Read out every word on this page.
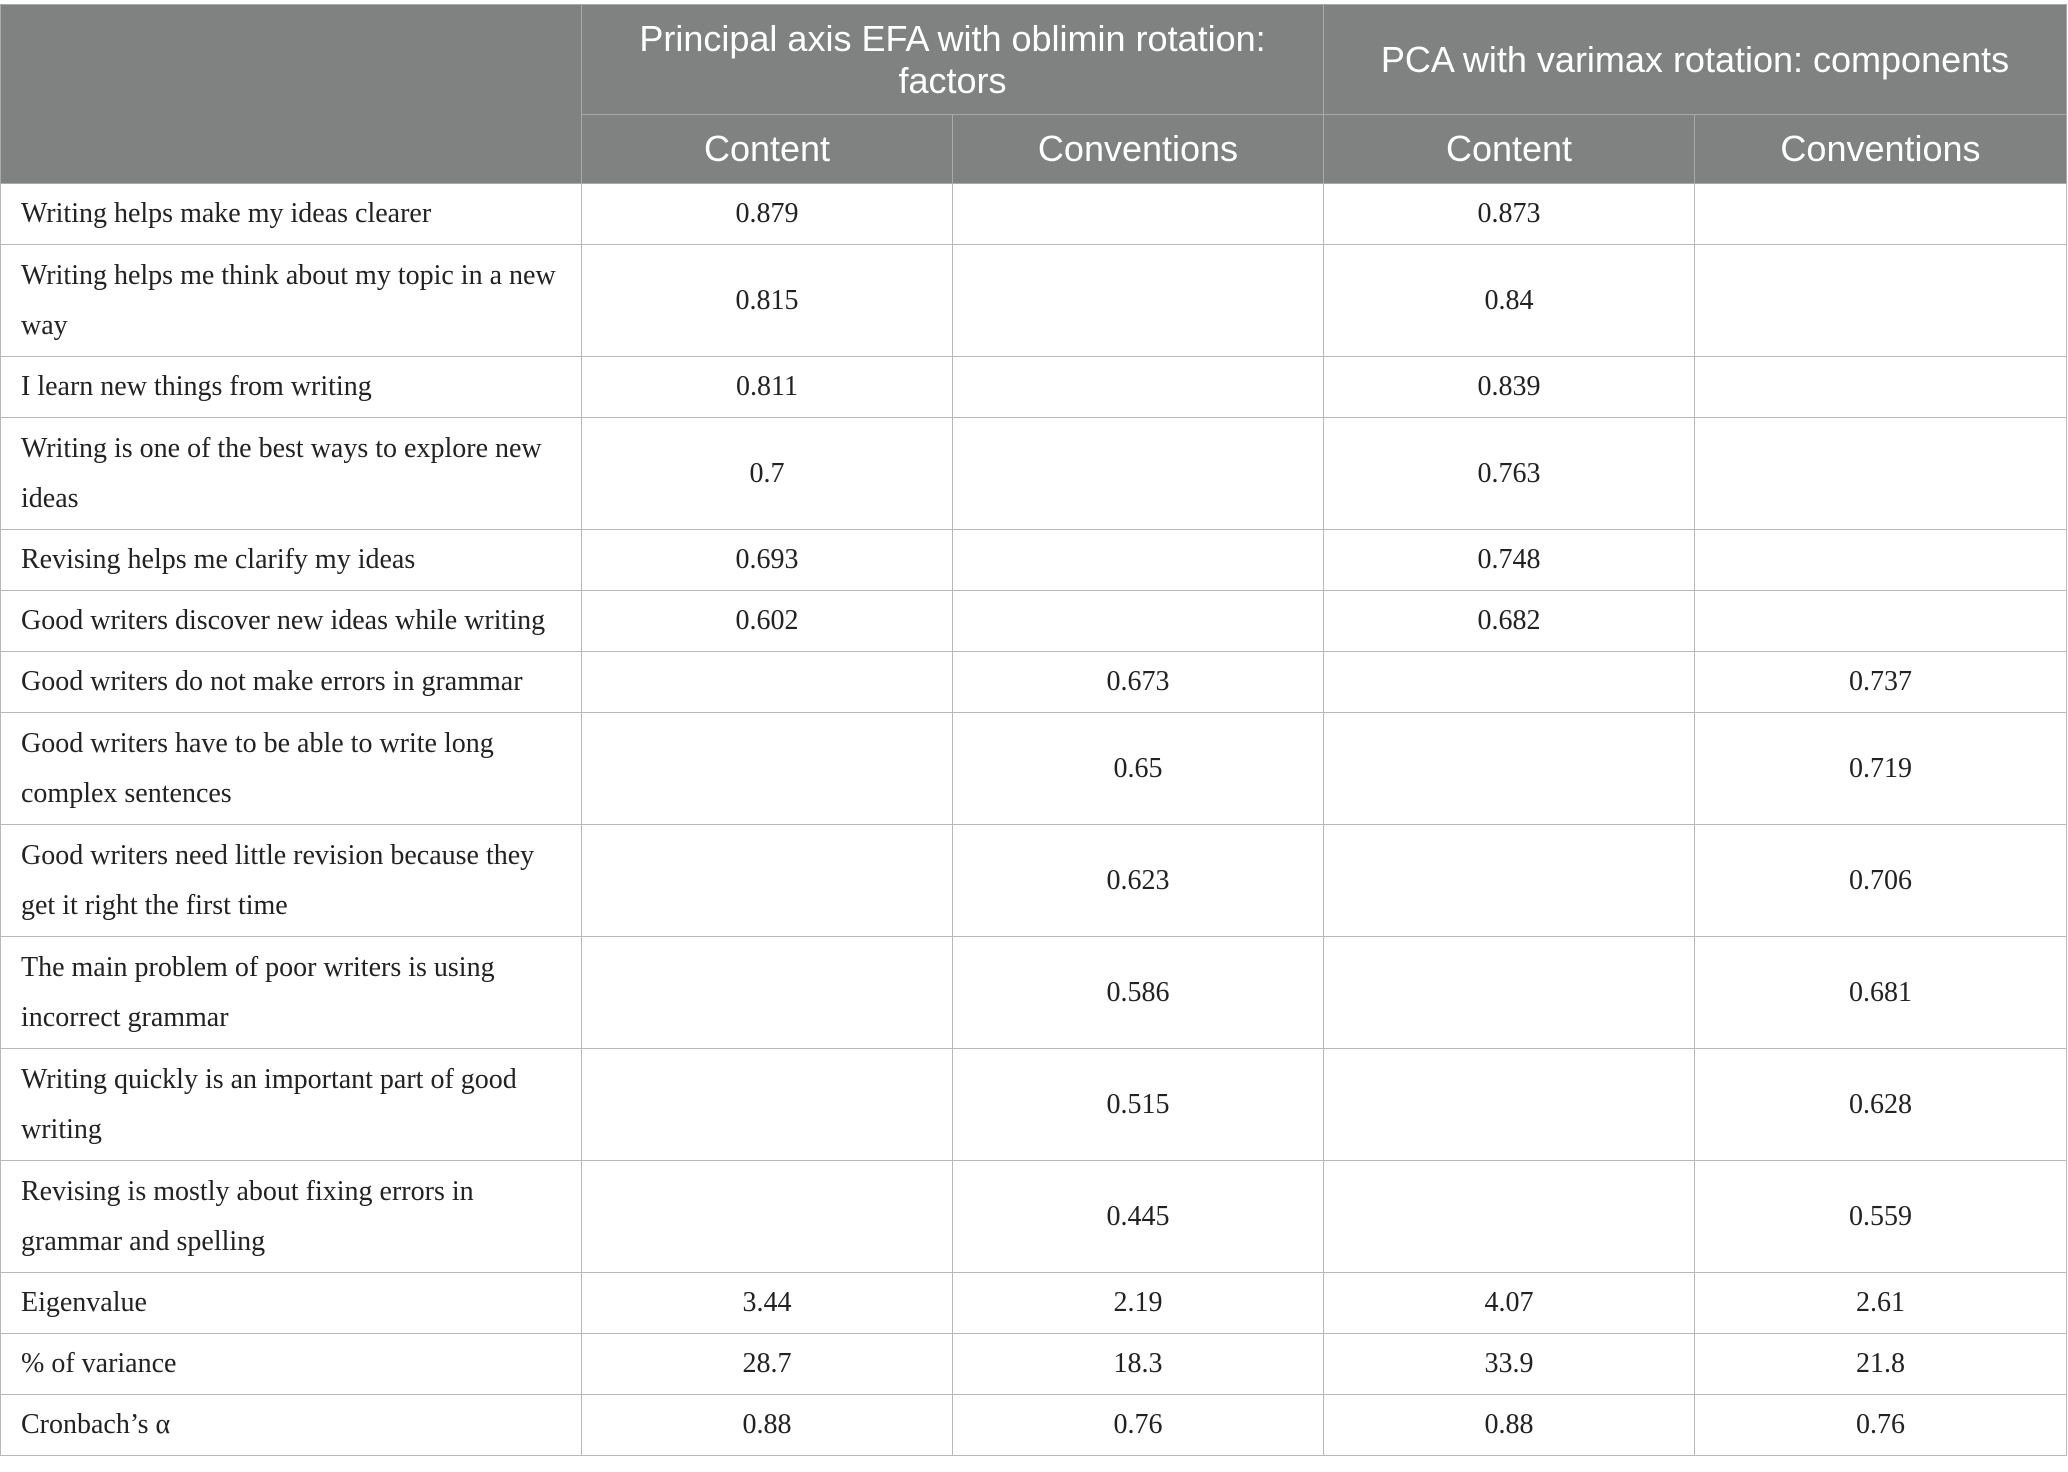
	Principal axis EFA with oblimin rotation: factors		PCA with varimax rotation: components	
	Content	Conventions	Content	Conventions
Writing helps make my ideas clearer	0.879		0.873	
Writing helps me think about my topic in a new way	0.815		0.84	
I learn new things from writing	0.811		0.839	
Writing is one of the best ways to explore new ideas	0.7		0.763	
Revising helps me clarify my ideas	0.693		0.748	
Good writers discover new ideas while writing	0.602		0.682	
Good writers do not make errors in grammar		0.673		0.737
Good writers have to be able to write long complex sentences		0.65		0.719
Good writers need little revision because they get it right the first time		0.623		0.706
The main problem of poor writers is using incorrect grammar		0.586		0.681
Writing quickly is an important part of good writing		0.515		0.628
Revising is mostly about fixing errors in grammar and spelling		0.445		0.559
Eigenvalue	3.44	2.19	4.07	2.61
% of variance	28.7	18.3	33.9	21.8
Cronbach’s α	0.88	0.76	0.88	0.76
